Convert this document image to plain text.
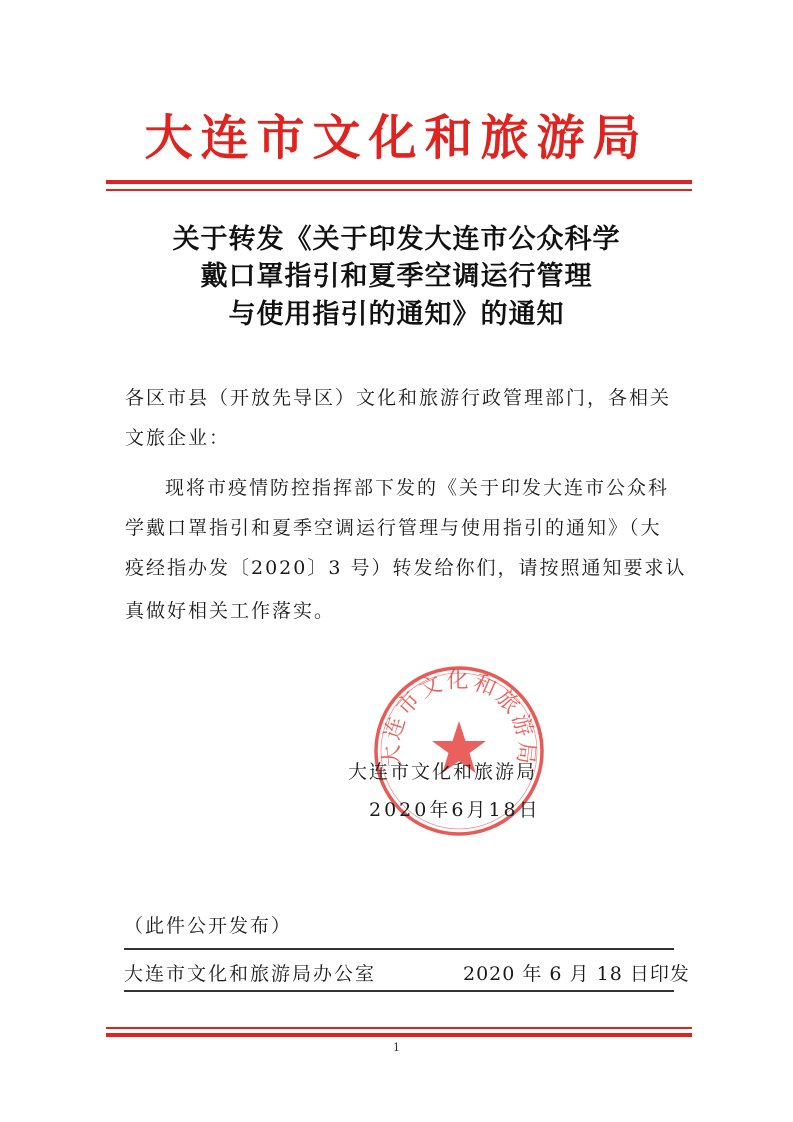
大连市文化和旅游局
关于转发《关于印发大连市公众科学
戴口罩指引和夏季空调运行管理
与使用指引的通知》的通知
各区市县（开放先导区）文化和旅游行政管理部门，各相关
文旅企业：
现将市疫情防控指挥部下发的《关于印发大连市公众科
学戴口罩指引和夏季空调运行管理与使用指引的通知》（大
疫经指办发〔2020〕3 号）转发给你们，请按照通知要求认
真做好相关工作落实。
大连市文化和旅游局
大连市文化和旅游局
2020年6月18日
（此件公开发布）
大连市文化和旅游局办公室	2020 年 6 月 18 日印发
1
